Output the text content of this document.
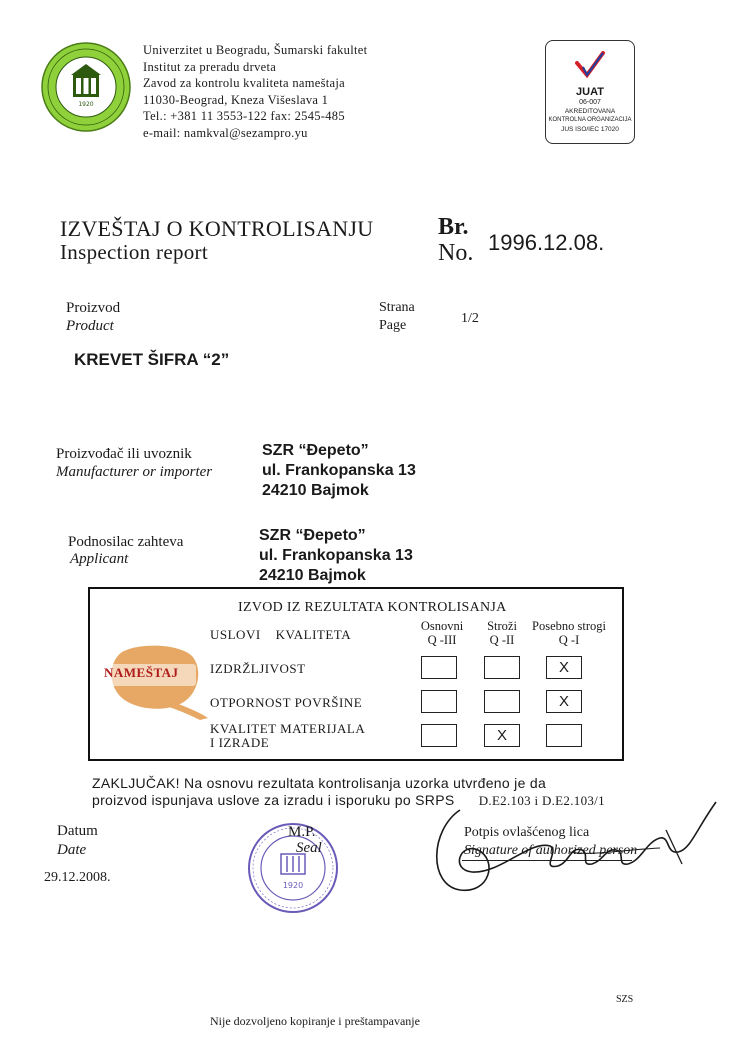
1920
Univerzitet u Beogradu, Šumarski fakultet
Institut za preradu drveta
Zavod za kontrolu kvaliteta nameštaja
11030-Beograd, Kneza Višeslava 1
Tel.: +381 11 3553-122 fax: 2545-485
e-mail: namkval@sezampro.yu
JUAT
06-007
AKREDITOVANA
KONTROLNA ORGANIZACIJA
JUS ISO/IEC 17020
IZVEŠTAJ O KONTROLISANJU
Inspection report
Br.
No. 1996.12.08.
Proizvod
Product
Strana
Page	1/2
KREVET ŠIFRA “2”
Proizvođač ili uvoznik
Manufacturer or importer
SZR “Đepeto”
ul. Frankopanska 13
24210 Bajmok
Podnosilac zahteva
Applicant
SZR “Đepeto”
ul. Frankopanska 13
24210 Bajmok
IZVOD IZ REZULTATA KONTROLISANJA
USLOVI    KVALITETA
Osnovni
Q -III
Stroži
Q -II
Posebno strogi
Q -I
NAMEŠTAJ IZDRŽLJIVOST
OTPORNOST POVRŠINE
KVALITET MATERIJALA
I IZRADE
X
X
X
ZAKLJUČAK! Na osnovu rezultata kontrolisanja uzorka utvrđeno je da
proizvod ispunjava uslove za izradu i isporuku po SRPS D.E2.103 i D.E2.103/1
Datum
Date
29.12.2008.
1920
M.P.
Seal
Potpis ovlašćenog lica
Signature of authorized person
SZS
Nije dozvoljeno kopiranje i preštampavanje
